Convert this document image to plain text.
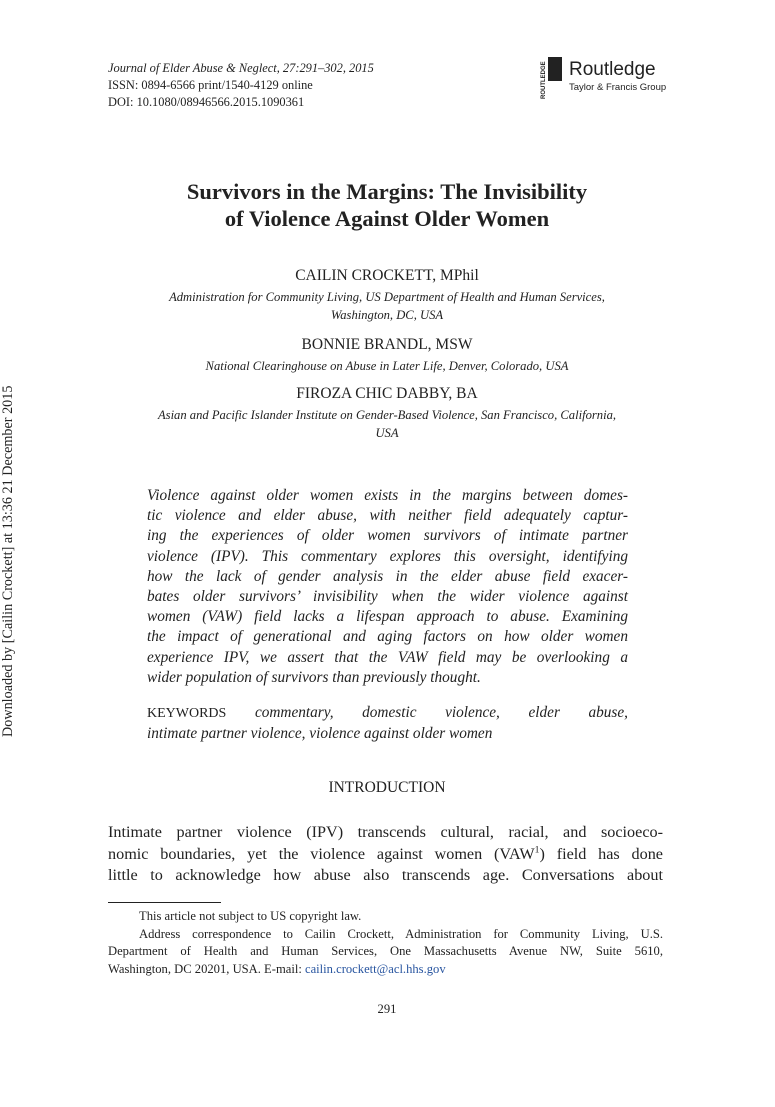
Downloaded by [Cailin Crockett] at 13:36 21 December 2015
Journal of Elder Abuse & Neglect, 27:291–302, 2015
ISSN: 0894-6566 print/1540-4129 online
DOI: 10.1080/08946566.2015.1090361
ROUTLEDGE Routledge
Taylor & Francis Group
Survivors in the Margins: The Invisibility
of Violence Against Older Women
CAILIN CROCKETT, MPhil
Administration for Community Living, US Department of Health and Human Services,
Washington, DC, USA
BONNIE BRANDL, MSW
National Clearinghouse on Abuse in Later Life, Denver, Colorado, USA
FIROZA CHIC DABBY, BA
Asian and Pacific Islander Institute on Gender-Based Violence, San Francisco, California,
USA
Violence against older women exists in the margins between domes-
tic violence and elder abuse, with neither field adequately captur-
ing the experiences of older women survivors of intimate partner
violence (IPV). This commentary explores this oversight, identifying
how the lack of gender analysis in the elder abuse field exacer-
bates older survivors’ invisibility when the wider violence against
women (VAW) field lacks a lifespan approach to abuse. Examining
the impact of generational and aging factors on how older women
experience IPV, we assert that the VAW field may be overlooking a
wider population of survivors than previously thought.
KEYWORDS commentary, domestic violence, elder abuse,
intimate partner violence, violence against older women
INTRODUCTION
Intimate partner violence (IPV) transcends cultural, racial, and socioeco-
nomic boundaries, yet the violence against women (VAW$^1$) field has done
little to acknowledge how abuse also transcends age. Conversations about
This article not subject to US copyright law.
Address correspondence to Cailin Crockett, Administration for Community Living, U.S.
Department of Health and Human Services, One Massachusetts Avenue NW, Suite 5610,
Washington, DC 20201, USA. E-mail: cailin.crockett@acl.hhs.gov
291
